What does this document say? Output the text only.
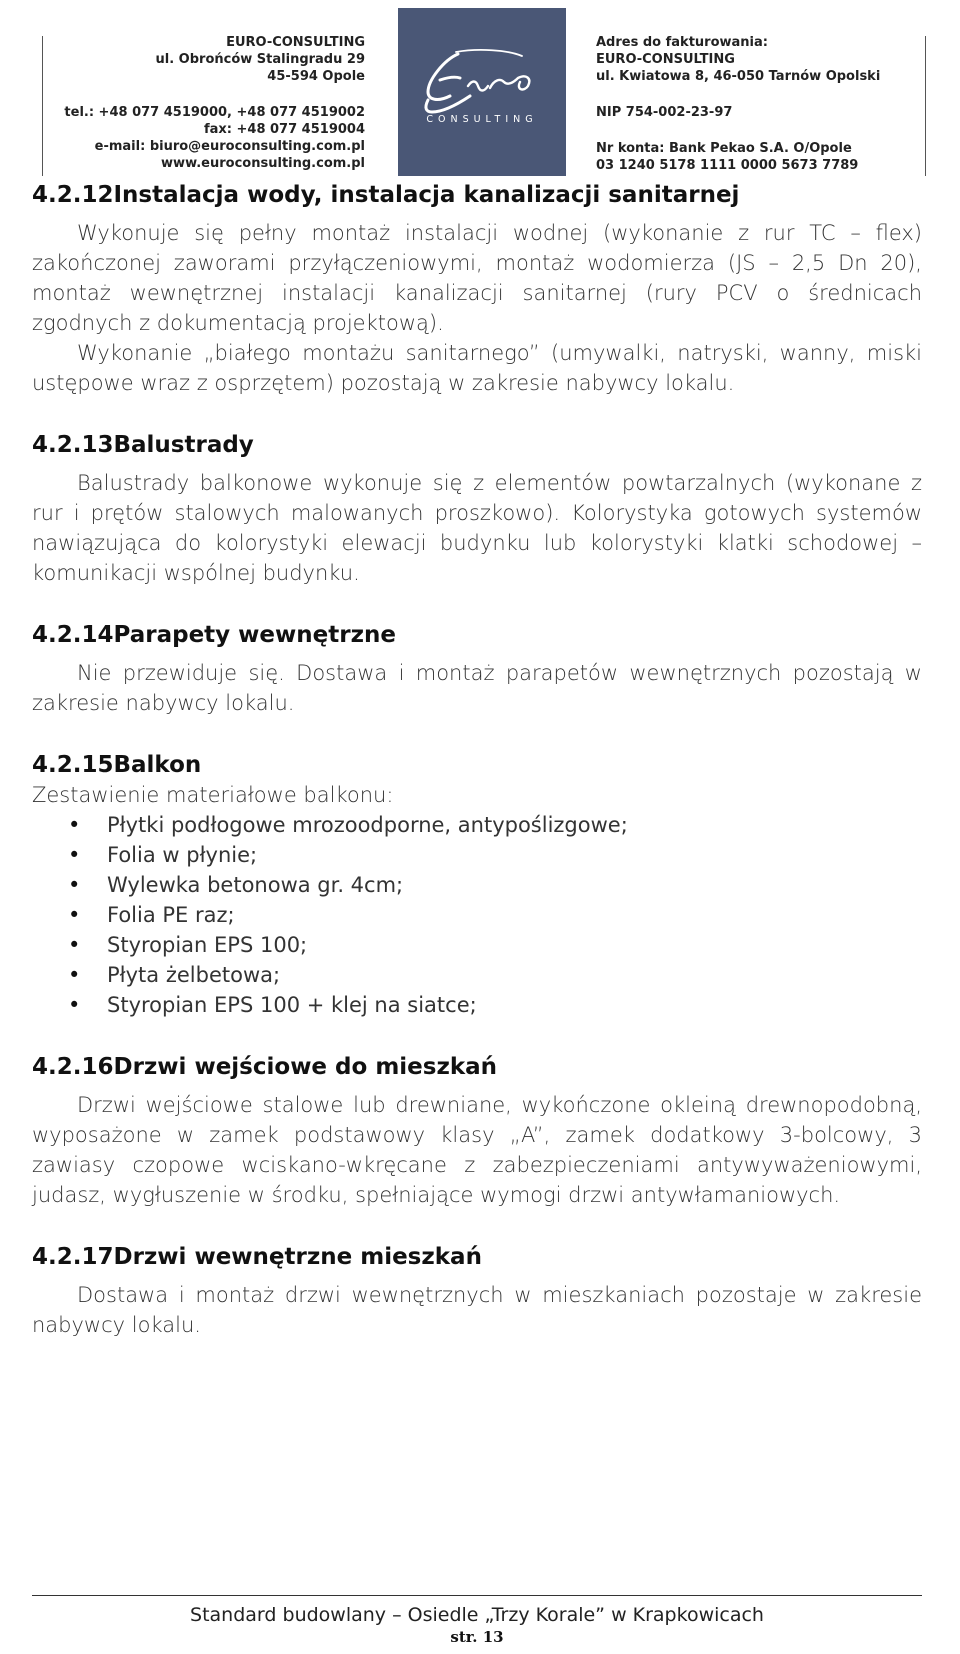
EURO-CONSULTING
ul. Obrońców Stalingradu 29
45-594 Opole
tel.: +48 077 4519000, +48 077 4519002
fax: +48 077 4519004
e-mail: biuro@euroconsulting.com.pl
www.euroconsulting.com.pl
CONSULTING
Adres do fakturowania:
EURO-CONSULTING
ul. Kwiatowa 8, 46-050 Tarnów Opolski
NIP 754-002-23-97
Nr konta: Bank Pekao S.A. O/Opole
03 1240 5178 1111 0000 5673 7789
4.2.12Instalacja wody, instalacja kanalizacji sanitarnej

Wykonuje się pełny montaż instalacji wodnej (wykonanie z rur TC – flex) zakończonej zaworami przyłączeniowymi, montaż wodomierza (JS – 2,5 Dn 20), montaż wewnętrznej instalacji kanalizacji sanitarnej (rury PCV o średnicach zgodnych z dokumentacją projektową).

Wykonanie „białego montażu sanitarnego” (umywalki, natryski, wanny, miski ustępowe wraz z osprzętem) pozostają w zakresie nabywcy lokalu.

4.2.13Balustrady

Balustrady balkonowe wykonuje się z elementów powtarzalnych (wykonane z rur i prętów stalowych malowanych proszkowo). Kolorystyka gotowych systemów nawiązująca do kolorystyki elewacji budynku lub kolorystyki klatki schodowej – komunikacji wspólnej budynku.

4.2.14Parapety wewnętrzne

Nie przewiduje się. Dostawa i montaż parapetów wewnętrznych pozostają w zakresie nabywcy lokalu.

4.2.15Balkon

Zestawienie materiałowe balkonu:

• Płytki podłogowe mrozoodporne, antypoślizgowe;
• Folia w płynie;
• Wylewka betonowa gr. 4cm;
• Folia PE raz;
• Styropian EPS 100;
• Płyta żelbetowa;
• Styropian EPS 100 + klej na siatce;
4.2.16Drzwi wejściowe do mieszkań

Drzwi wejściowe stalowe lub drewniane, wykończone okleiną drewnopodobną, wyposażone w zamek podstawowy klasy „A”, zamek dodatkowy 3-bolcowy, 3 zawiasy czopowe wciskano-wkręcane z zabezpieczeniami antywyważeniowymi, judasz, wygłuszenie w środku, spełniające wymogi drzwi antywłamaniowych.

4.2.17Drzwi wewnętrzne mieszkań

Dostawa i montaż drzwi wewnętrznych w mieszkaniach pozostaje w zakresie nabywcy lokalu.

Standard budowlany – Osiedle „Trzy Korale” w Krapkowicach
str. 13
